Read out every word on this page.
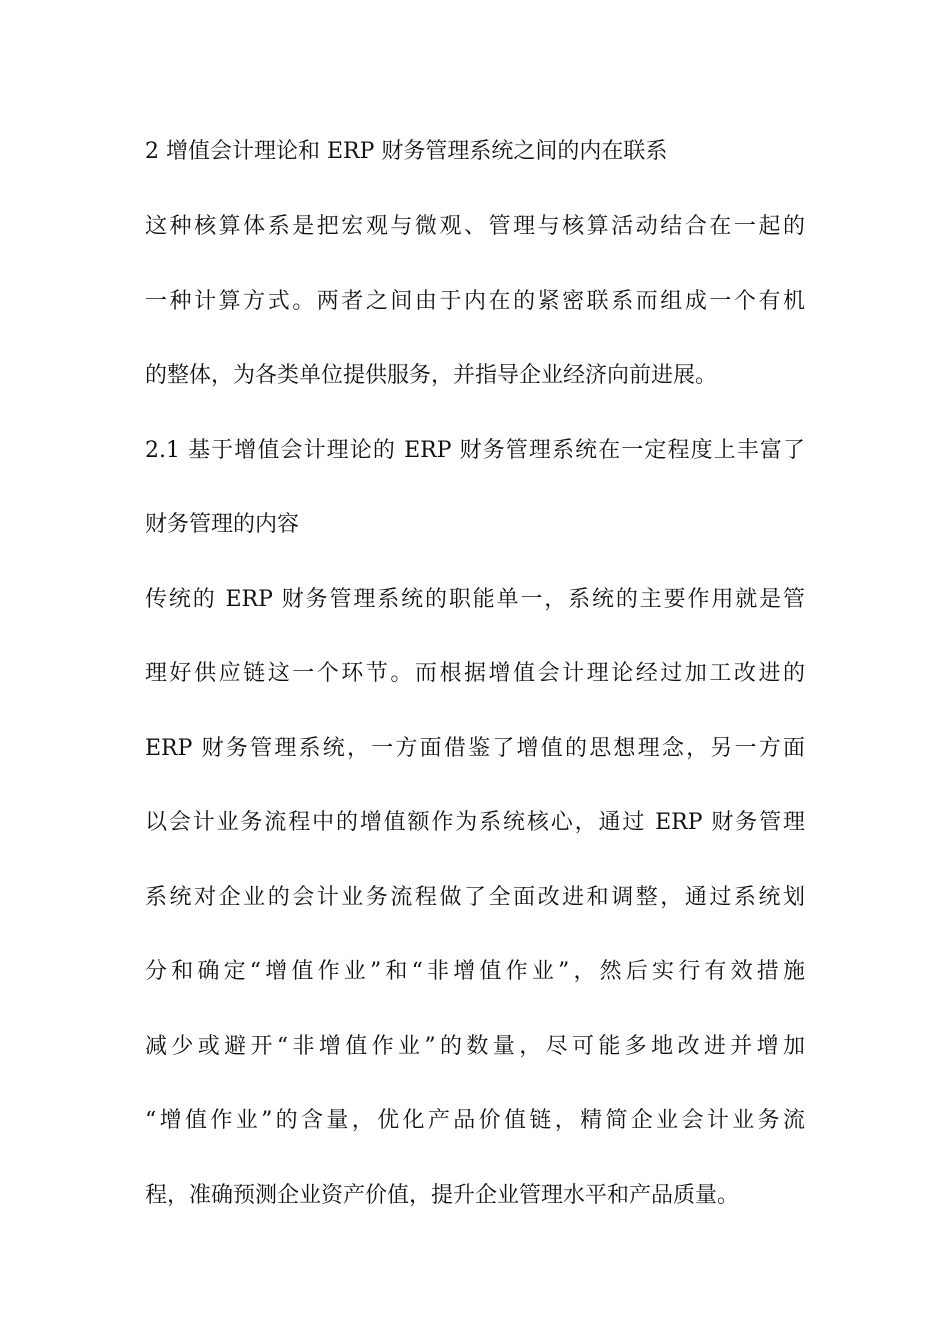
2 增值会计理论和 ERP 财务管理系统之间的内在联系
这种核算体系是把宏观与微观、管理与核算活动结合在一起的
一种计算方式。两者之间由于内在的紧密联系而组成一个有机
的整体，为各类单位提供服务，并指导企业经济向前进展。
2.1 基于增值会计理论的 ERP 财务管理系统在一定程度上丰富了
财务管理的内容
传统的 ERP 财务管理系统的职能单一，系统的主要作用就是管
理好供应链这一个环节。而根据增值会计理论经过加工改进的
ERP 财务管理系统，一方面借鉴了增值的思想理念，另一方面
以会计业务流程中的增值额作为系统核心，通过 ERP 财务管理
系统对企业的会计业务流程做了全面改进和调整，通过系统划
分和确定“增值作业”和“非增值作业”，然后实行有效措施
减少或避开“非增值作业”的数量，尽可能多地改进并增加
“增值作业”的含量，优化产品价值链，精简企业会计业务流
程，准确预测企业资产价值，提升企业管理水平和产品质量。
